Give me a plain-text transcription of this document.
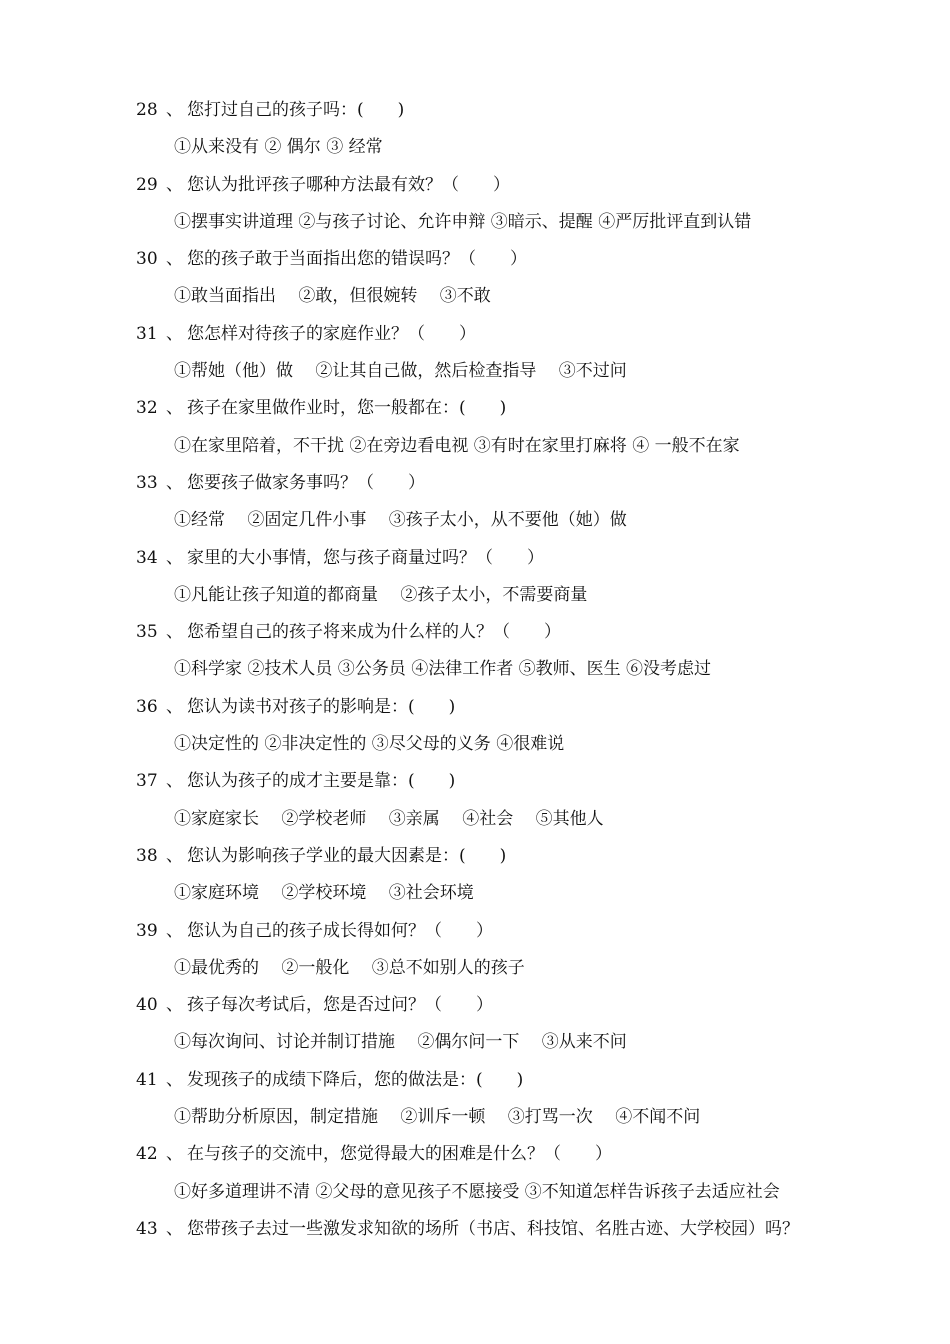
28 、 您打过自己的孩子吗：(　　)
①从来没有 ② 偶尔 ③ 经常
29 、 您认为批评孩子哪种方法最有效？（　　）
①摆事实讲道理 ②与孩子讨论、允许申辩 ③暗示、提醒 ④严厉批评直到认错
30 、 您的孩子敢于当面指出您的错误吗？（　　）
①敢当面指出　 ②敢，但很婉转　 ③不敢
31 、 您怎样对待孩子的家庭作业？（　　）
①帮她（他）做　 ②让其自己做，然后检查指导　 ③不过问
32 、 孩子在家里做作业时，您一般都在：(　　)
①在家里陪着，不干扰 ②在旁边看电视 ③有时在家里打麻将 ④ 一般不在家
33 、 您要孩子做家务事吗？（　　）
①经常　 ②固定几件小事　 ③孩子太小，从不要他（她）做
34 、 家里的大小事情，您与孩子商量过吗？（　　）
①凡能让孩子知道的都商量　 ②孩子太小，不需要商量
35 、 您希望自己的孩子将来成为什么样的人？（　　）
①科学家 ②技术人员 ③公务员 ④法律工作者 ⑤教师、医生 ⑥没考虑过
36 、 您认为读书对孩子的影响是：(　　)
①决定性的 ②非决定性的 ③尽父母的义务 ④很难说
37 、 您认为孩子的成才主要是靠：(　　)
①家庭家长　 ②学校老师　 ③亲属　 ④社会　 ⑤其他人
38 、 您认为影响孩子学业的最大因素是：(　　)
①家庭环境　 ②学校环境　 ③社会环境
39 、 您认为自己的孩子成长得如何？（　　）
①最优秀的　 ②一般化　 ③总不如别人的孩子
40 、 孩子每次考试后，您是否过问？（　　）
①每次询问、讨论并制订措施　 ②偶尔问一下　 ③从来不问
41 、 发现孩子的成绩下降后，您的做法是：(　　)
①帮助分析原因，制定措施　 ②训斥一顿　 ③打骂一次　 ④不闻不问
42 、 在与孩子的交流中，您觉得最大的困难是什么？（　　）
①好多道理讲不清 ②父母的意见孩子不愿接受 ③不知道怎样告诉孩子去适应社会
43 、 您带孩子去过一些激发求知欲的场所（书店、科技馆、名胜古迹、大学校园）吗？
